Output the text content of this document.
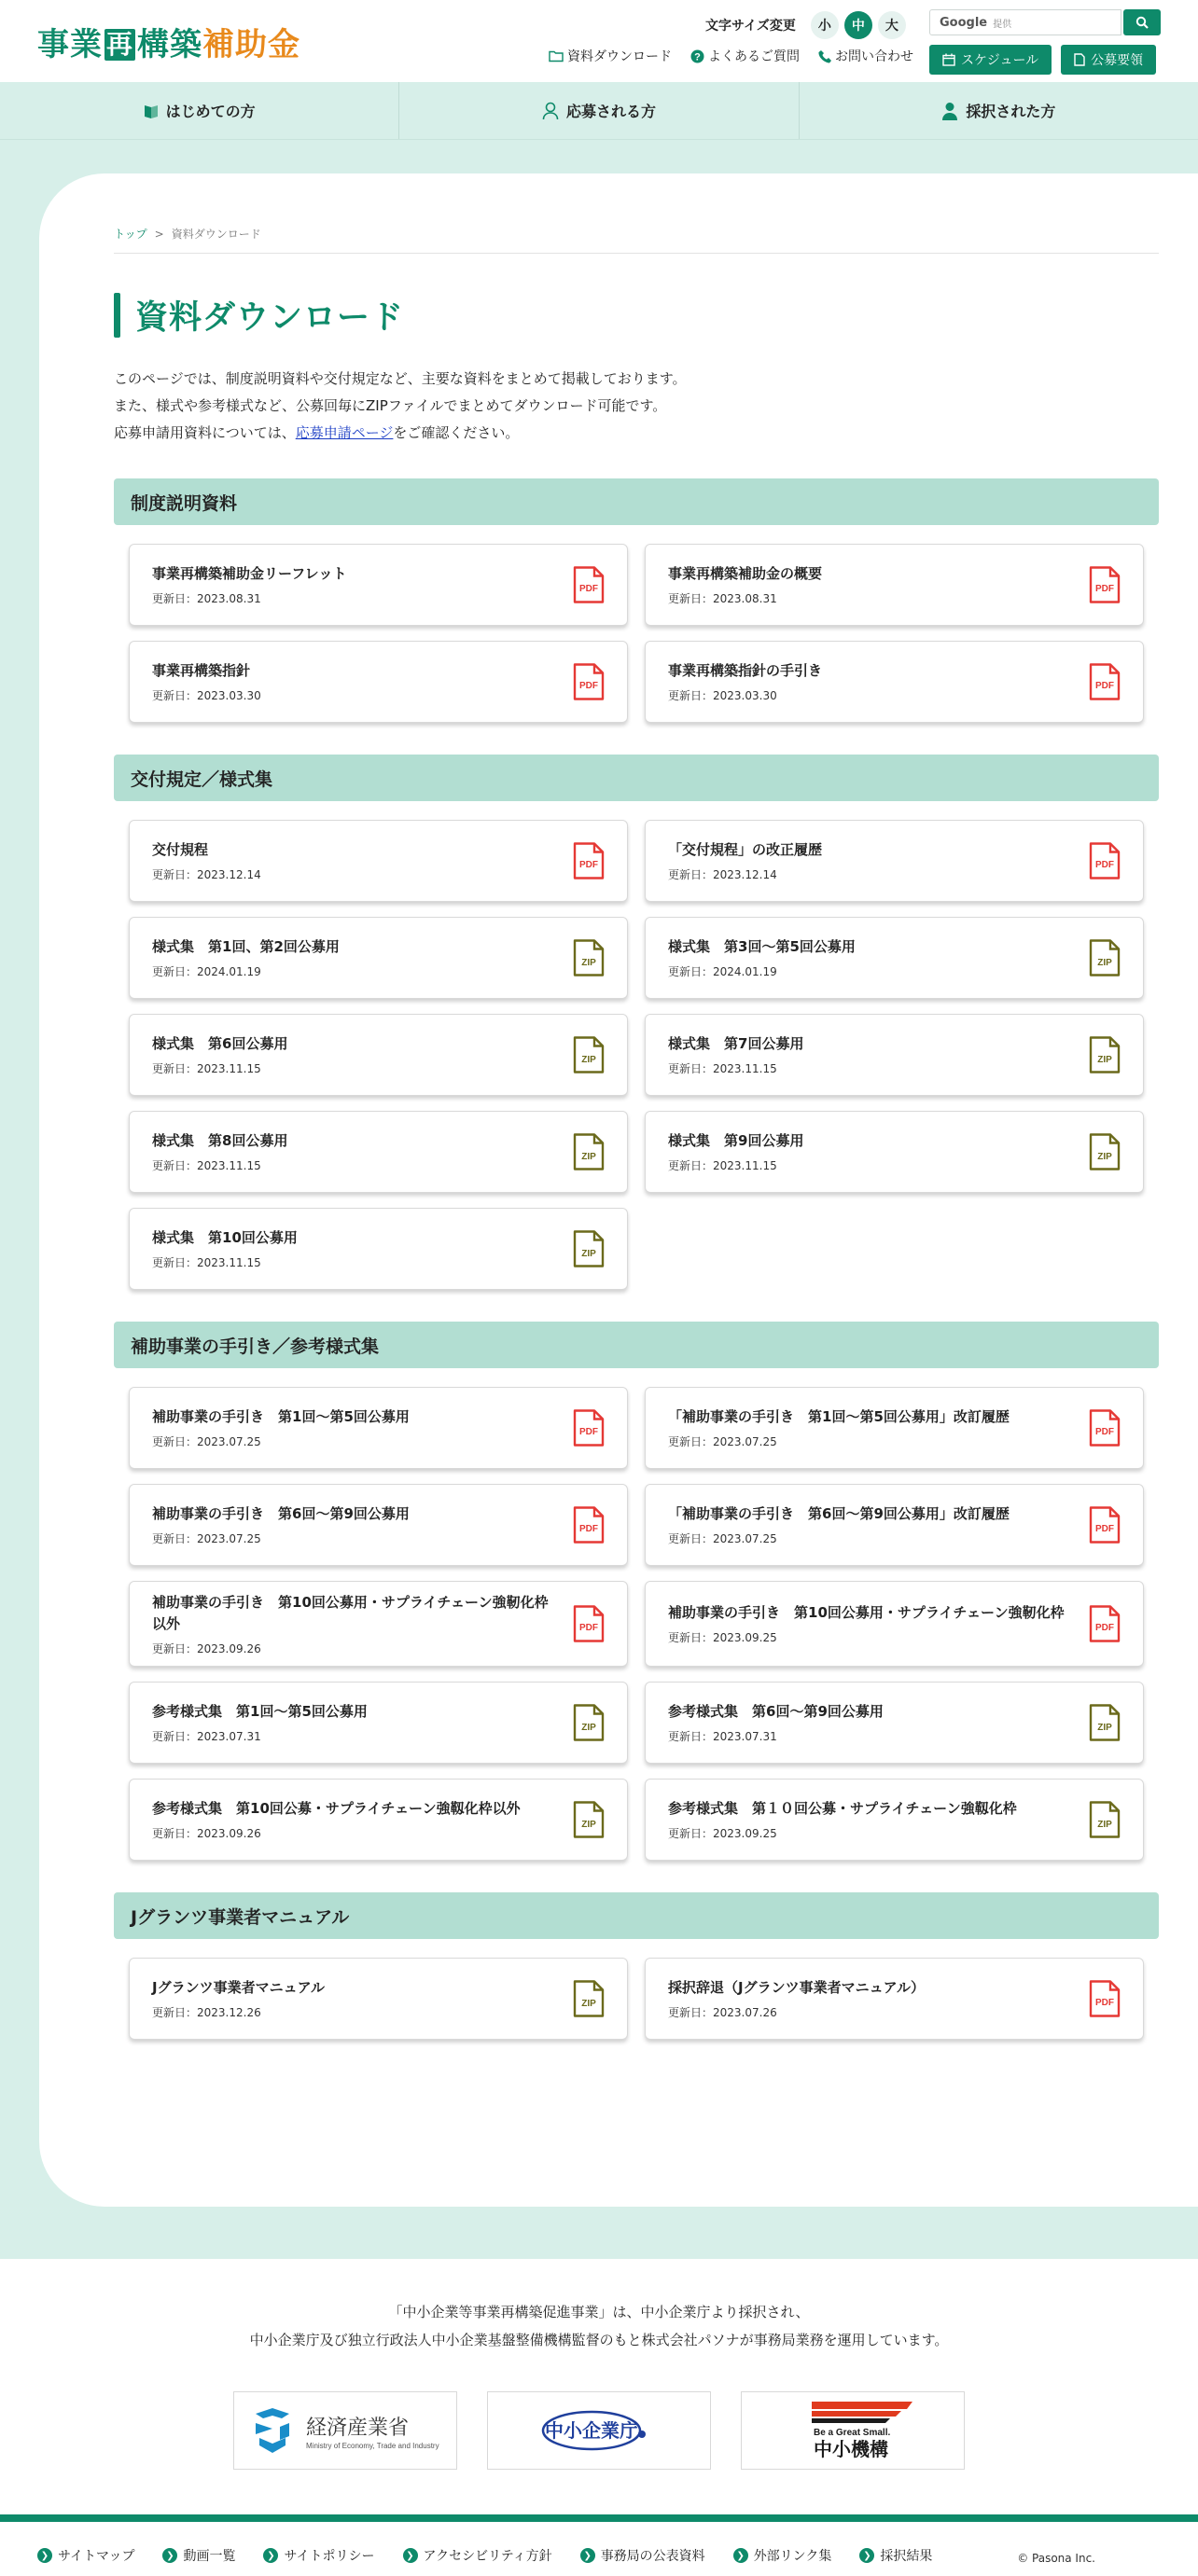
事業 再 構築補助金	文字サイズ変更	小	中	大	Google 提供
資料ダウンロード ? よくあるご質問	お問い合わせ	スケジュール	公募要領
はじめての方	応募される方	採択された方
トップ > 資料ダウンロード
資料ダウンロード

このページでは、制度説明資料や交付規定など、主要な資料をまとめて掲載しております。

また、様式や参考様式など、公募回毎にZIPファイルでまとめてダウンロード可能です。

応募申請用資料については、応募申請ページをご確認ください。

制度説明資料
事業再構築補助金リーフレット
更新日：2023.08.31
PDF
事業再構築補助金の概要
更新日：2023.08.31
PDF
事業再構築指針
更新日：2023.03.30
PDF
事業再構築指針の手引き
更新日：2023.03.30
PDF
交付規定／様式集
交付規程
更新日：2023.12.14
PDF
「交付規程」の改正履歴
更新日：2023.12.14
PDF
様式集　第1回、第2回公募用
更新日：2024.01.19
ZIP
様式集　第3回～第5回公募用
更新日：2024.01.19
ZIP
様式集　第6回公募用
更新日：2023.11.15
ZIP
様式集　第7回公募用
更新日：2023.11.15
ZIP
様式集　第8回公募用
更新日：2023.11.15
ZIP
様式集　第9回公募用
更新日：2023.11.15
ZIP
様式集　第10回公募用
更新日：2023.11.15
ZIP
補助事業の手引き／参考様式集
補助事業の手引き　第1回～第5回公募用
更新日：2023.07.25
PDF
「補助事業の手引き　第1回～第5回公募用」改訂履歴
更新日：2023.07.25
PDF
補助事業の手引き　第6回～第9回公募用
更新日：2023.07.25
PDF
「補助事業の手引き　第6回～第9回公募用」改訂履歴
更新日：2023.07.25
PDF
補助事業の手引き　第10回公募用・サプライチェーン強靭化枠以外
更新日：2023.09.26
PDF
補助事業の手引き　第10回公募用・サプライチェーン強靭化枠
更新日：2023.09.25
PDF
参考様式集　第1回～第5回公募用
更新日：2023.07.31
ZIP
参考様式集　第6回～第9回公募用
更新日：2023.07.31
ZIP
参考様式集　第10回公募・サプライチェーン強靱化枠以外
更新日：2023.09.26
ZIP
参考様式集　第１０回公募・サプライチェーン強靱化枠
更新日：2023.09.25
ZIP
Jグランツ事業者マニュアル
Jグランツ事業者マニュアル
更新日：2023.12.26
ZIP
採択辞退（Jグランツ事業者マニュアル）
更新日：2023.07.26
PDF

「中小企業等事業再構築促進事業」は、中小企業庁より採択され、

中小企業庁及び独立行政法人中小企業基盤整備機構監督のもと株式会社パソナが事務局業務を運用しています。

経済産業省
Ministry of Economy, Trade and Industry
中小企業庁	Be a Great Small.
中小機構
❯ サイトマップ	❯ 動画一覧	❯ サイトポリシー	❯ アクセシビリティ方針	❯ 事務局の公表資料	❯ 外部リンク集	❯ 採択結果	© Pasona Inc.
